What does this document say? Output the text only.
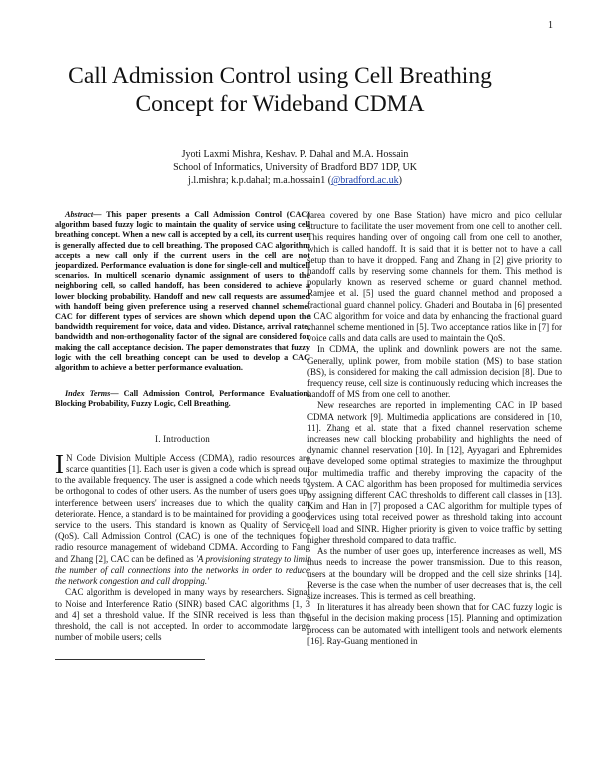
1
Call Admission Control using Cell Breathing Concept for Wideband CDMA
Jyoti Laxmi Mishra, Keshav. P. Dahal and M.A. Hossain
School of Informatics, University of Bradford BD7 1DP, UK
j.l.mishra; k.p.dahal; m.a.hossain1 (@bradford.ac.uk)

Abstract— This paper presents a Call Admission Control (CAC) algorithm based fuzzy logic to maintain the quality of service using cell breathing concept. When a new call is accepted by a cell, its current user is generally affected due to cell breathing. The proposed CAC algorithm accepts a new call only if the current users in the cell are not jeopardized. Performance evaluation is done for single-cell and multicell scenarios. In multicell scenario dynamic assignment of users to the neighboring cell, so called handoff, has been considered to achieve a lower blocking probability. Handoff and new call requests are assumed with handoff being given preference using a reserved channel scheme. CAC for different types of services are shown which depend upon the bandwidth requirement for voice, data and video. Distance, arrival rate, bandwidth and non-orthogonality factor of the signal are considered for making the call acceptance decision. The paper demonstrates that fuzzy logic with the cell breathing concept can be used to develop a CAC algorithm to achieve a better performance evaluation.

Index Terms— Call Admission Control, Performance Evaluation, Blocking Probability, Fuzzy Logic, Cell Breathing.

I. Introduction

I N Code Division Multiple Access (CDMA), radio resources are scarce quantities [1]. Each user is given a code which is spread out to the available frequency. The user is assigned a code which needs to be orthogonal to codes of other users. As the number of users goes up, interference between users' increases due to which the quality can deteriorate. Hence, a standard is to be maintained for providing a good service to the users. This standard is known as Quality of Service (QoS). Call Admission Control (CAC) is one of the techniques for radio resource management of wideband CDMA. According to Fang and Zhang [2], CAC can be defined as 'A provisioning strategy to limit the number of call connections into the networks in order to reduce the network congestion and call dropping.'

CAC algorithm is developed in many ways by researchers. Signal to Noise and Interference Ratio (SINR) based CAC algorithms [1, 3 and 4] set a threshold value. If the SINR received is less than the threshold, the call is not accepted. In order to accommodate large number of mobile users; cells

(area covered by one Base Station) have micro and pico cellular structure to facilitate the user movement from one cell to another cell. This requires handing over of ongoing call from one cell to another, which is called handoff. It is said that it is better not to have a call setup than to have it dropped. Fang and Zhang in [2] give priority to handoff calls by reserving some channels for them. This method is popularly known as reserved scheme or guard channel method. Ramjee et al. [5] used the guard channel method and proposed a fractional guard channel policy. Ghaderi and Boutaba in [6] presented a CAC algorithm for voice and data by enhancing the fractional guard channel scheme mentioned in [5]. Two acceptance ratios like in [7] for voice calls and data calls are used to maintain the QoS.

In CDMA, the uplink and downlink powers are not the same. Generally, uplink power, from mobile station (MS) to base station (BS), is considered for making the call admission decision [8]. Due to frequency reuse, cell size is continuously reducing which increases the handoff of MS from one cell to another.

New researches are reported in implementing CAC in IP based CDMA network [9]. Multimedia applications are considered in [10, 11]. Zhang et al. state that a fixed channel reservation scheme increases new call blocking probability and highlights the need of dynamic channel reservation [10]. In [12], Ayyagari and Ephremides have developed some optimal strategies to maximize the throughput for multimedia traffic and thereby improving the capacity of the system. A CAC algorithm has been proposed for multimedia services by assigning different CAC thresholds to different call classes in [13]. Kim and Han in [7] proposed a CAC algorithm for multiple types of services using total received power as threshold taking into account cell load and SINR. Higher priority is given to voice traffic by setting higher threshold compared to data traffic.

As the number of user goes up, interference increases as well, MS thus needs to increase the power transmission. Due to this reason, users at the boundary will be dropped and the cell size shrinks [14]. Reverse is the case when the number of user decreases that is, the cell size increases. This is termed as cell breathing.

In literatures it has already been shown that for CAC fuzzy logic is useful in the decision making process [15]. Planning and optimization process can be automated with intelligent tools and network elements [16]. Ray-Guang mentioned in
